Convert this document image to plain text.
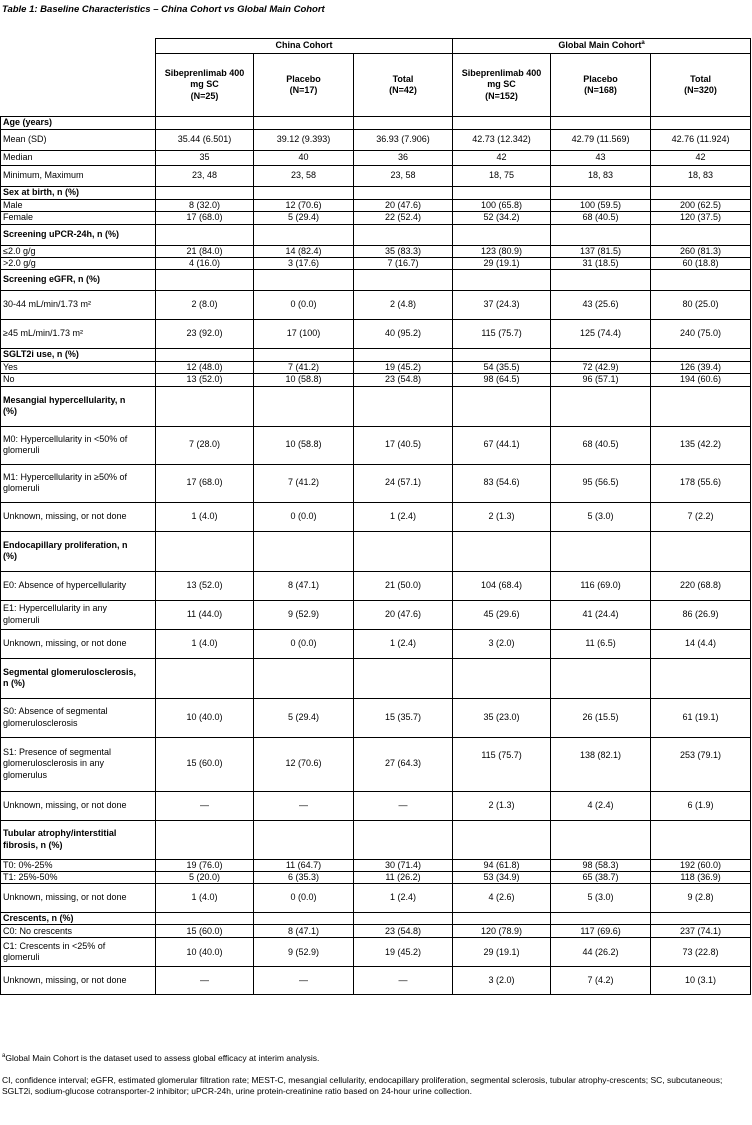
Table 1: Baseline Characteristics – China Cohort vs Global Main Cohort
	China Cohort			Global Main Cohort$^a$
	Sibeprenlimab 400
mg SC
(N=25)	Placebo
(N=17)	Total
(N=42)	Sibeprenlimab 400
mg SC
(N=152)	Placebo
(N=168)	Total
(N=320)
Age (years)						
Mean (SD)	35.44 (6.501)	39.12 (9.393)	36.93 (7.906)	42.73 (12.342)	42.79 (11.569)	42.76 (11.924)
Median	35	40	36	42	43	42
Minimum, Maximum	23, 48	23, 58	23, 58	18, 75	18, 83	18, 83
Sex at birth, n (%)						
Male	8 (32.0)	12 (70.6)	20 (47.6)	100 (65.8)	100 (59.5)	200 (62.5)
Female	17 (68.0)	5 (29.4)	22 (52.4)	52 (34.2)	68 (40.5)	120 (37.5)
Screening uPCR-24h, n (%)						
≤2.0 g/g	21 (84.0)	14 (82.4)	35 (83.3)	123 (80.9)	137 (81.5)	260 (81.3)
>2.0 g/g	4 (16.0)	3 (17.6)	7 (16.7)	29 (19.1)	31 (18.5)	60 (18.8)
Screening eGFR, n (%)						
30-44 mL/min/1.73 m²	2 (8.0)	0 (0.0)	2 (4.8)	37 (24.3)	43 (25.6)	80 (25.0)
≥45 mL/min/1.73 m²	23 (92.0)	17 (100)	40 (95.2)	115 (75.7)	125 (74.4)	240 (75.0)
SGLT2i use, n (%)						
Yes	12 (48.0)	7 (41.2)	19 (45.2)	54 (35.5)	72 (42.9)	126 (39.4)
No	13 (52.0)	10 (58.8)	23 (54.8)	98 (64.5)	96 (57.1)	194 (60.6)
Mesangial hypercellularity, n
(%)						
M0: Hypercellularity in <50% of
glomeruli	7 (28.0)	10 (58.8)	17 (40.5)	67 (44.1)	68 (40.5)	135 (42.2)
M1: Hypercellularity in ≥50% of
glomeruli	17 (68.0)	7 (41.2)	24 (57.1)	83 (54.6)	95 (56.5)	178 (55.6)
Unknown, missing, or not done	1 (4.0)	0 (0.0)	1 (2.4)	2 (1.3)	5 (3.0)	7 (2.2)
Endocapillary proliferation, n
(%)						
E0: Absence of hypercellularity	13 (52.0)	8 (47.1)	21 (50.0)	104 (68.4)	116 (69.0)	220 (68.8)
E1: Hypercellularity in any
glomeruli	11 (44.0)	9 (52.9)	20 (47.6)	45 (29.6)	41 (24.4)	86 (26.9)
Unknown, missing, or not done	1 (4.0)	0 (0.0)	1 (2.4)	3 (2.0)	11 (6.5)	14 (4.4)
Segmental glomerulosclerosis,
n (%)						
S0: Absence of segmental
glomerulosclerosis	10 (40.0)	5 (29.4)	15 (35.7)	35 (23.0)	26 (15.5)	61 (19.1)
S1: Presence of segmental
glomerulosclerosis in any
glomerulus	15 (60.0)	12 (70.6)	27 (64.3)	115 (75.7)	138 (82.1)	253 (79.1)
Unknown, missing, or not done	—	—	—	2 (1.3)	4 (2.4)	6 (1.9)
Tubular atrophy/interstitial
fibrosis, n (%)						
T0: 0%-25%	19 (76.0)	11 (64.7)	30 (71.4)	94 (61.8)	98 (58.3)	192 (60.0)
T1: 25%-50%	5 (20.0)	6 (35.3)	11 (26.2)	53 (34.9)	65 (38.7)	118 (36.9)
Unknown, missing, or not done	1 (4.0)	0 (0.0)	1 (2.4)	4 (2.6)	5 (3.0)	9 (2.8)
Crescents, n (%)						
C0: No crescents	15 (60.0)	8 (47.1)	23 (54.8)	120 (78.9)	117 (69.6)	237 (74.1)
C1: Crescents in <25% of
glomeruli	10 (40.0)	9 (52.9)	19 (45.2)	29 (19.1)	44 (26.2)	73 (22.8)
Unknown, missing, or not done	—	—	—	3 (2.0)	7 (4.2)	10 (3.1)
$^a$Global Main Cohort is the dataset used to assess global efficacy at interim analysis.
CI, confidence interval; eGFR, estimated glomerular filtration rate; MEST-C, mesangial cellularity, endocapillary proliferation, segmental sclerosis, tubular atrophy-crescents; SC, subcutaneous; SGLT2i, sodium-glucose cotransporter-2 inhibitor; uPCR-24h, urine protein-creatinine ratio based on 24-hour urine collection.
